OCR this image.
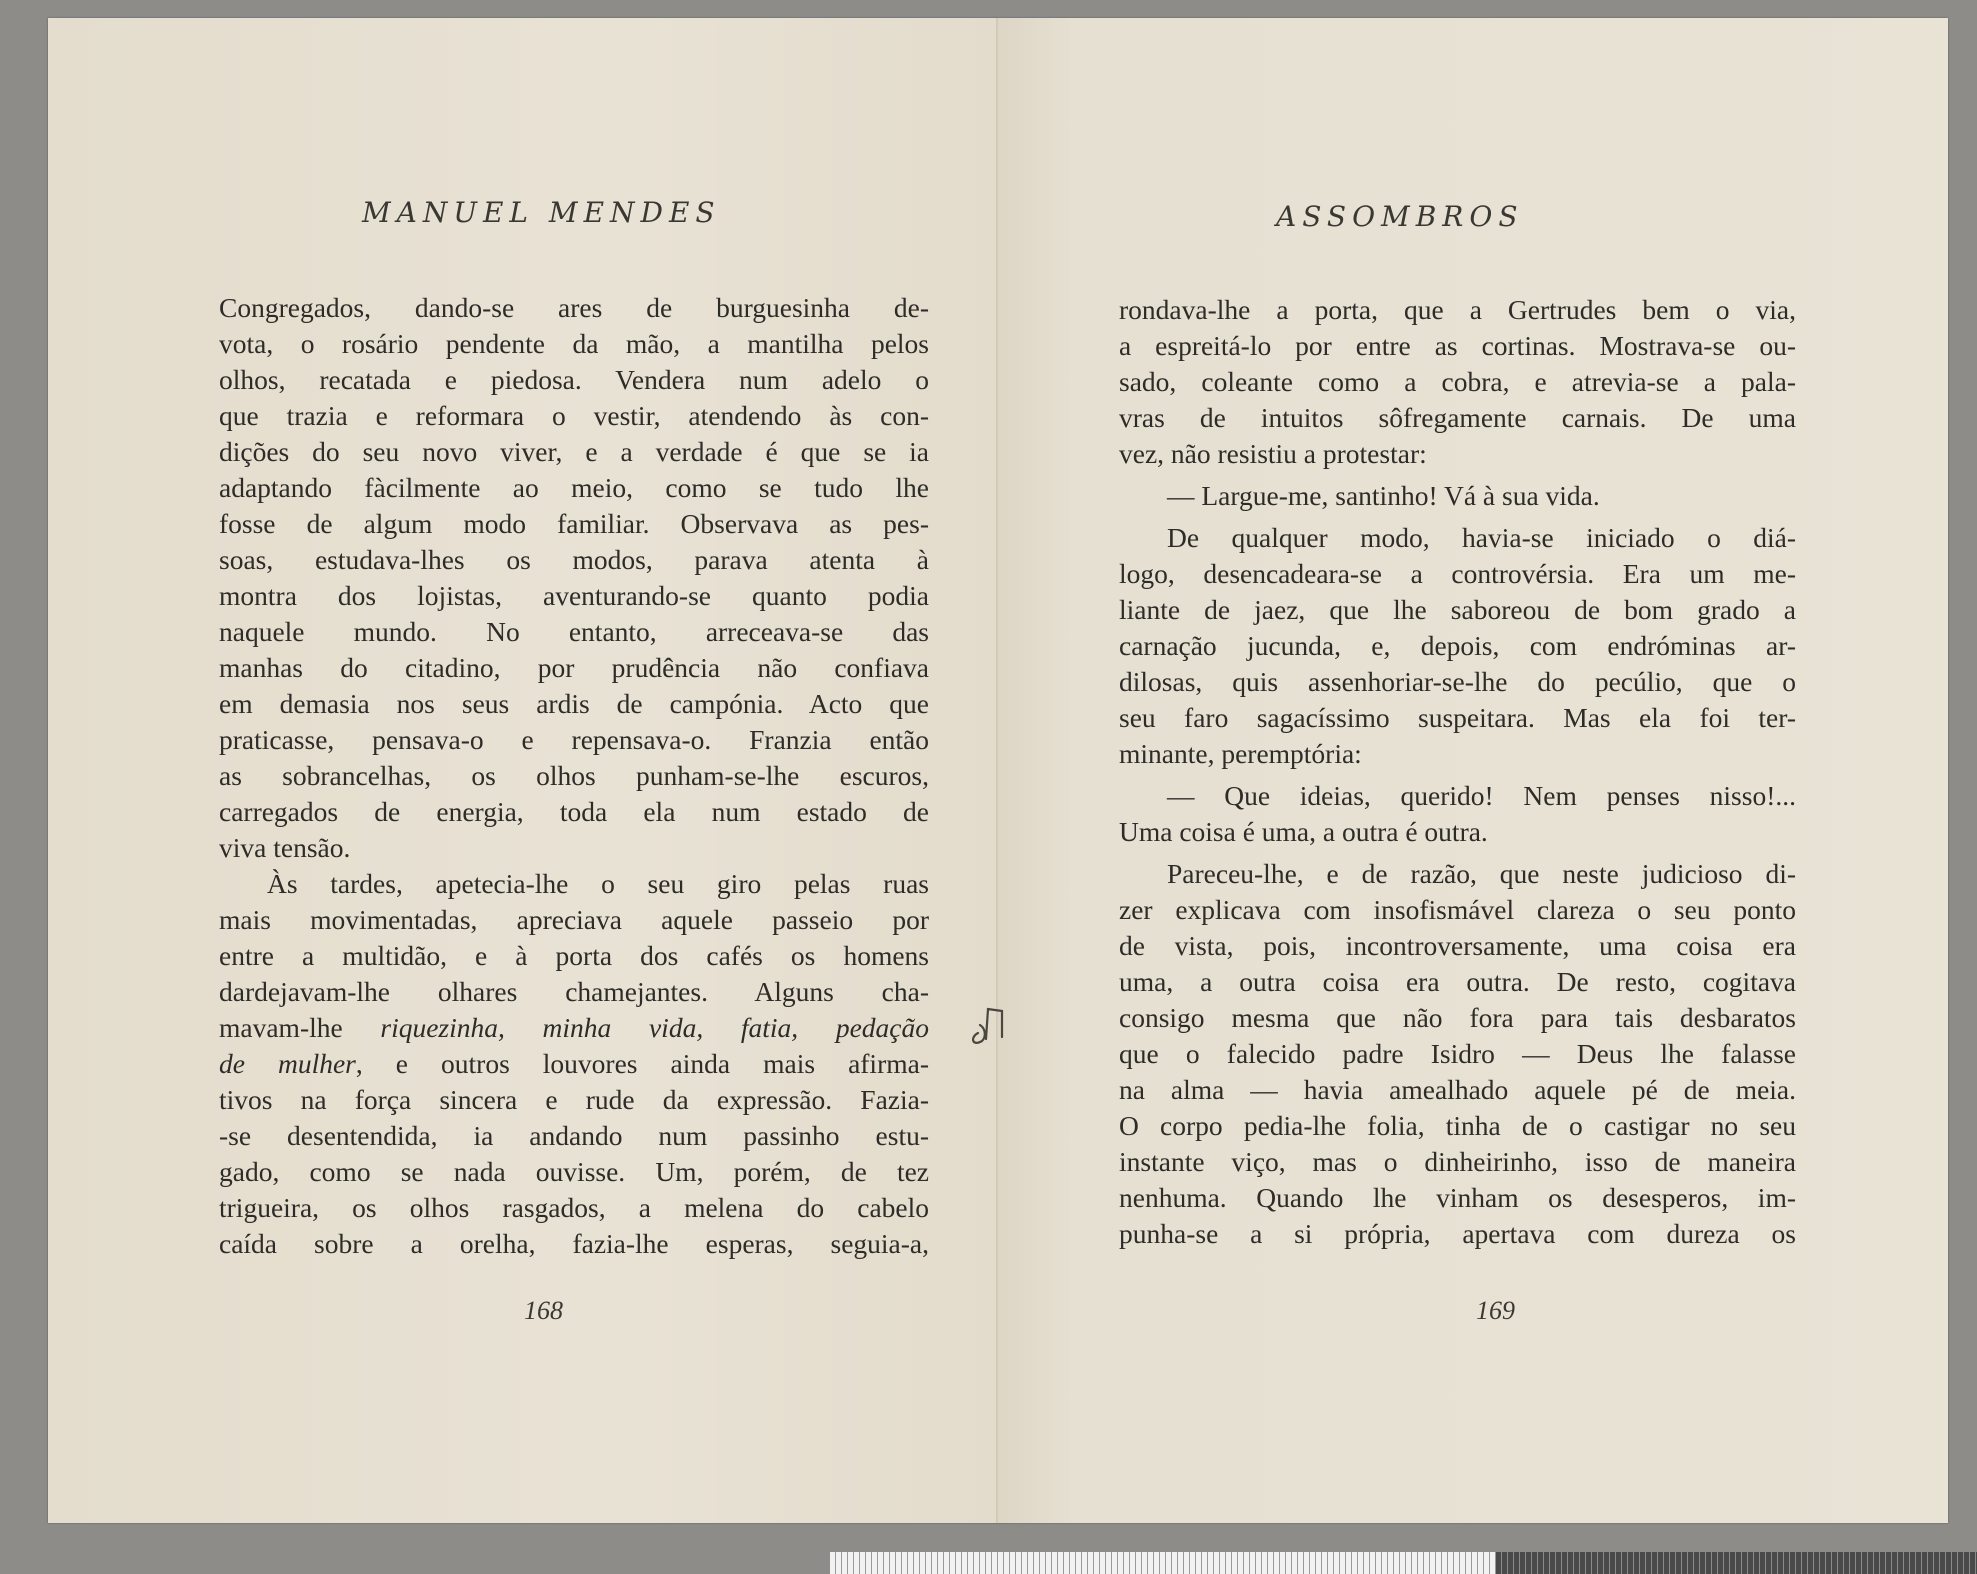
MANUEL MENDES
Congregados, dando-se ares de burguesinha de-
vota, o rosário pendente da mão, a mantilha pelos
olhos, recatada e piedosa. Vendera num adelo o
que trazia e reformara o vestir, atendendo às con-
dições do seu novo viver, e a verdade é que se ia
adaptando fàcilmente ao meio, como se tudo lhe
fosse de algum modo familiar. Observava as pes-
soas, estudava-lhes os modos, parava atenta à
montra dos lojistas, aventurando-se quanto podia
naquele mundo. No entanto, arreceava-se das
manhas do citadino, por prudência não confiava
em demasia nos seus ardis de campónia. Acto que
praticasse, pensava-o e repensava-o. Franzia então
as sobrancelhas, os olhos punham-se-lhe escuros,
carregados de energia, toda ela num estado de
viva tensão.
Às tardes, apetecia-lhe o seu giro pelas ruas
mais movimentadas, apreciava aquele passeio por
entre a multidão, e à porta dos cafés os homens
dardejavam-lhe olhares chamejantes. Alguns cha-
mavam-lhe riquezinha, minha vida, fatia, pedação
de mulher, e outros louvores ainda mais afirma-
tivos na força sincera e rude da expressão. Fazia-
-se desentendida, ia andando num passinho estu-
gado, como se nada ouvisse. Um, porém, de tez
trigueira, os olhos rasgados, a melena do cabelo
caída sobre a orelha, fazia-lhe esperas, seguia-a,
168
ASSOMBROS
rondava-lhe a porta, que a Gertrudes bem o via,
a espreitá-lo por entre as cortinas. Mostrava-se ou-
sado, coleante como a cobra, e atrevia-se a pala-
vras de intuitos sôfregamente carnais. De uma
vez, não resistiu a protestar:
— Largue-me, santinho! Vá à sua vida.
De qualquer modo, havia-se iniciado o diá-
logo, desencadeara-se a controvérsia. Era um me-
liante de jaez, que lhe saboreou de bom grado a
carnação jucunda, e, depois, com endróminas ar-
dilosas, quis assenhoriar-se-lhe do pecúlio, que o
seu faro sagacíssimo suspeitara. Mas ela foi ter-
minante, peremptória:
— Que ideias, querido! Nem penses nisso!...
Uma coisa é uma, a outra é outra.
Pareceu-lhe, e de razão, que neste judicioso di-
zer explicava com insofismável clareza o seu ponto
de vista, pois, incontroversamente, uma coisa era
uma, a outra coisa era outra. De resto, cogitava
consigo mesma que não fora para tais desbaratos
que o falecido padre Isidro — Deus lhe falasse
na alma — havia amealhado aquele pé de meia.
O corpo pedia-lhe folia, tinha de o castigar no seu
instante viço, mas o dinheirinho, isso de maneira
nenhuma. Quando lhe vinham os desesperos, im-
punha-se a si própria, apertava com dureza os
169
